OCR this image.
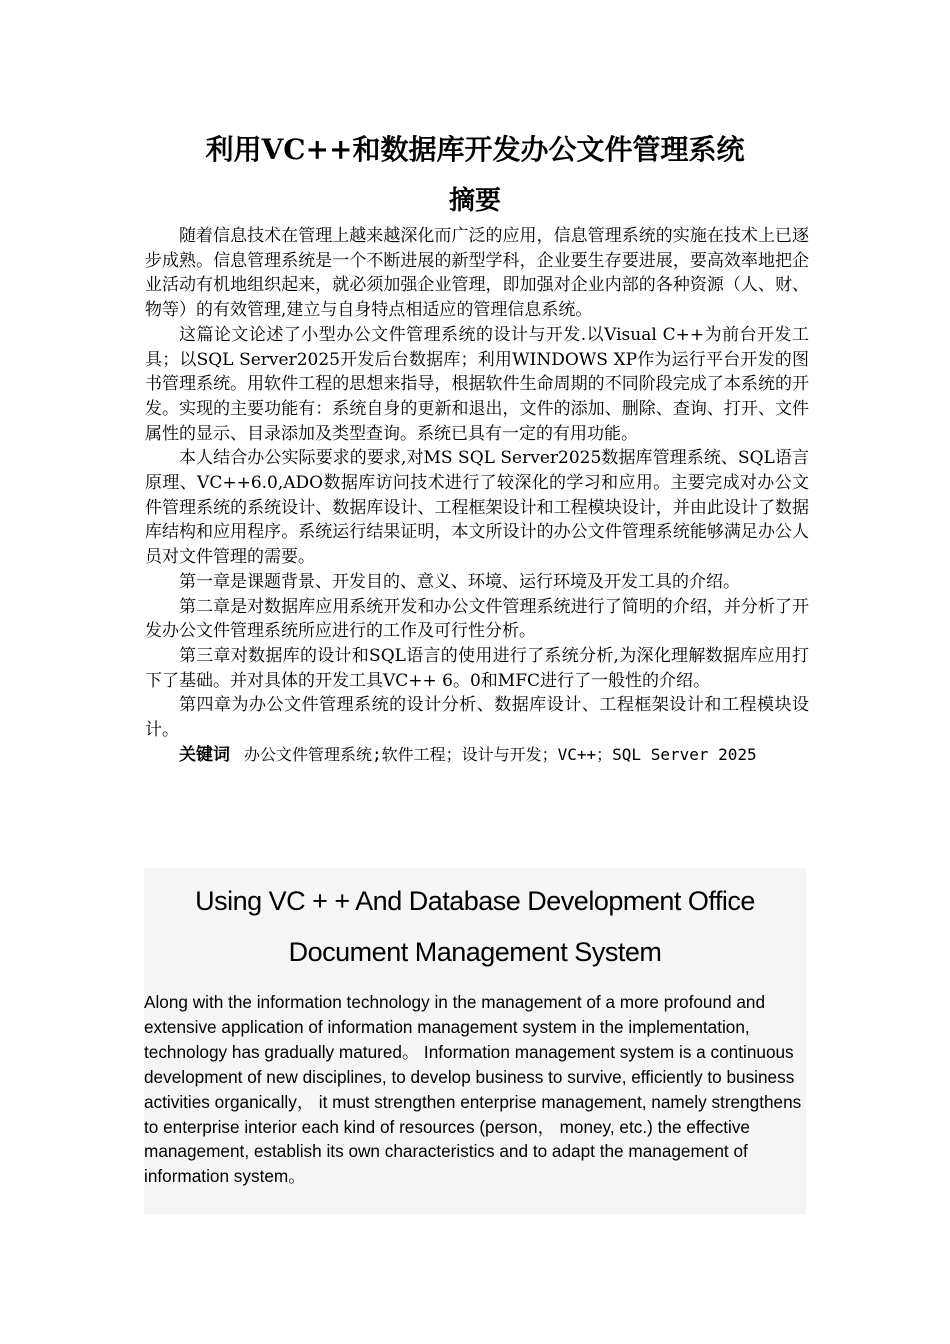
利用VC++和数据库开发办公文件管理系统
摘要

随着信息技术在管理上越来越深化而广泛的应用，信息管理系统的实施在技术上已逐步成熟。信息管理系统是一个不断进展的新型学科，企业要生存要进展，要高效率地把企业活动有机地组织起来，就必须加强企业管理，即加强对企业内部的各种资源（人、财、物等）的有效管理,建立与自身特点相适应的管理信息系统。

这篇论文论述了小型办公文件管理系统的设计与开发.以Visual C++为前台开发工具；以SQL Server2025开发后台数据库；利用WINDOWS XP作为运行平台开发的图书管理系统。用软件工程的思想来指导，根据软件生命周期的不同阶段完成了本系统的开发。实现的主要功能有：系统自身的更新和退出，文件的添加、删除、查询、打开、文件属性的显示、目录添加及类型查询。系统已具有一定的有用功能。

本人结合办公实际要求的要求,对MS SQL Server2025数据库管理系统、SQL语言原理、VC++6.0,ADO数据库访问技术进行了较深化的学习和应用。主要完成对办公文件管理系统的系统设计、数据库设计、工程框架设计和工程模块设计，并由此设计了数据库结构和应用程序。系统运行结果证明，本文所设计的办公文件管理系统能够满足办公人员对文件管理的需要。

第一章是课题背景、开发目的、意义、环境、运行环境及开发工具的介绍。

第二章是对数据库应用系统开发和办公文件管理系统进行了简明的介绍，并分析了开发办公文件管理系统所应进行的工作及可行性分析。

第三章对数据库的设计和SQL语言的使用进行了系统分析,为深化理解数据库应用打下了基础。并对具体的开发工具VC++ 6。0和MFC进行了一般性的介绍。

第四章为办公文件管理系统的设计分析、数据库设计、工程框架设计和工程模块设计。

关键词 办公文件管理系统;软件工程；设计与开发；VC++；SQL Server 2025

Using VC + + And Database Development Office
Document Management System

Along with the information technology in the management of a more profound and extensive application of information management system in the implementation, technology has gradually matured。 Information management system is a continuous development of new disciplines, to develop business to survive, efficiently to business activities organically， it must strengthen enterprise management, namely strengthens to enterprise interior each kind of resources (person， money, etc.) the effective management, establish its own characteristics and to adapt the management of information system。
